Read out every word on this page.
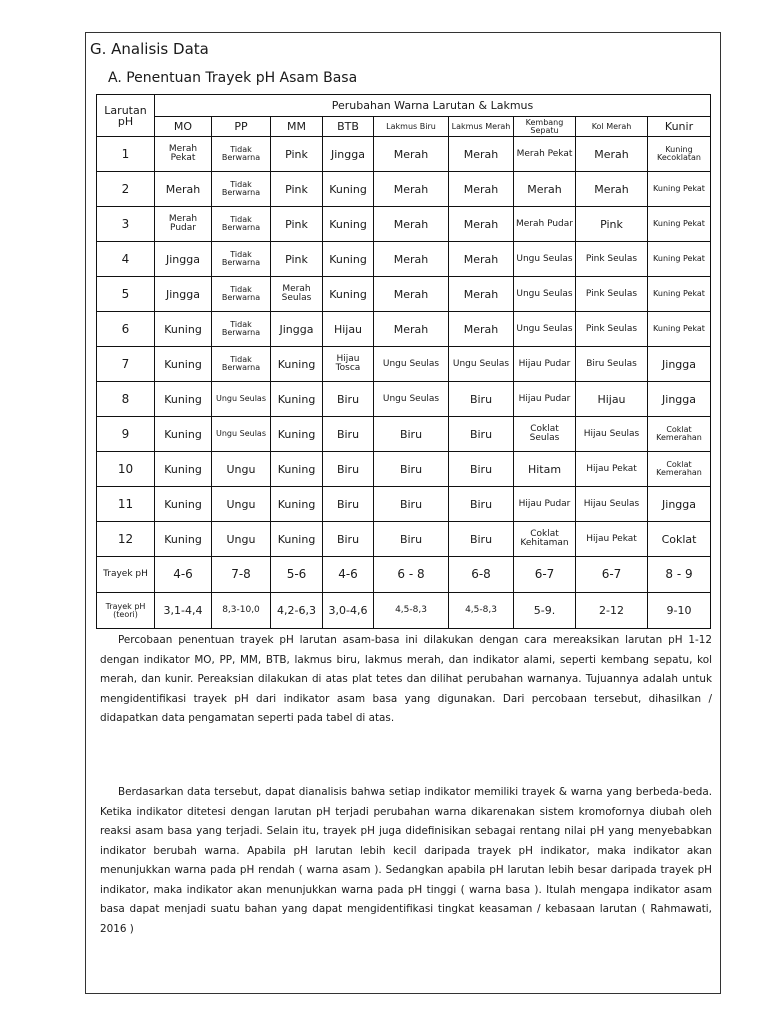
G. Analisis Data
A. Penentuan Trayek pH Asam Basa
Larutan pH	Perubahan Warna Larutan & Lakmus								
	MO	PP	MM	BTB	Lakmus Biru	Lakmus Merah	Kembang Sepatu	Kol Merah	Kunir
1	Merah Pekat	Tidak Berwarna	Pink	Jingga	Merah	Merah	Merah Pekat	Merah	Kuning Kecoklatan
2	Merah	Tidak Berwarna	Pink	Kuning	Merah	Merah	Merah	Merah	Kuning Pekat
3	Merah Pudar	Tidak Berwarna	Pink	Kuning	Merah	Merah	Merah Pudar	Pink	Kuning Pekat
4	Jingga	Tidak Berwarna	Pink	Kuning	Merah	Merah	Ungu Seulas	Pink Seulas	Kuning Pekat
5	Jingga	Tidak Berwarna	Merah Seulas	Kuning	Merah	Merah	Ungu Seulas	Pink Seulas	Kuning Pekat
6	Kuning	Tidak Berwarna	Jingga	Hijau	Merah	Merah	Ungu Seulas	Pink Seulas	Kuning Pekat
7	Kuning	Tidak Berwarna	Kuning	Hijau Tosca	Ungu Seulas	Ungu Seulas	Hijau Pudar	Biru Seulas	Jingga
8	Kuning	Ungu Seulas	Kuning	Biru	Ungu Seulas	Biru	Hijau Pudar	Hijau	Jingga
9	Kuning	Ungu Seulas	Kuning	Biru	Biru	Biru	Coklat Seulas	Hijau Seulas	Coklat Kemerahan
10	Kuning	Ungu	Kuning	Biru	Biru	Biru	Hitam	Hijau Pekat	Coklat Kemerahan
11	Kuning	Ungu	Kuning	Biru	Biru	Biru	Hijau Pudar	Hijau Seulas	Jingga
12	Kuning	Ungu	Kuning	Biru	Biru	Biru	Coklat Kehitaman	Hijau Pekat	Coklat
Trayek pH	4-6	7-8	5-6	4-6	6 - 8	6-8	6-7	6-7	8 - 9
Trayek pH (teori)	3,1-4,4	8,3-10,0	4,2-6,3	3,0-4,6	4,5-8,3	4,5-8,3	5-9.	2-12	9-10

Percobaan penentuan trayek pH larutan asam-basa ini dilakukan dengan cara mereaksikan larutan pH 1-12 dengan indikator MO, PP, MM, BTB, lakmus biru, lakmus merah, dan indikator alami, seperti kembang sepatu, kol merah, dan kunir. Pereaksian dilakukan di atas plat tetes dan dilihat perubahan warnanya. Tujuannya adalah untuk mengidentifikasi trayek pH dari indikator asam basa yang digunakan. Dari percobaan tersebut, dihasilkan / didapatkan data pengamatan seperti pada tabel di atas.

Berdasarkan data tersebut, dapat dianalisis bahwa setiap indikator memiliki trayek & warna yang berbeda-beda. Ketika indikator ditetesi dengan larutan pH terjadi perubahan warna dikarenakan sistem kromofornya diubah oleh reaksi asam basa yang terjadi. Selain itu, trayek pH juga didefinisikan sebagai rentang nilai pH yang menyebabkan indikator berubah warna. Apabila pH larutan lebih kecil daripada trayek pH indikator, maka indikator akan menunjukkan warna pada pH rendah ( warna asam ). Sedangkan apabila pH larutan lebih besar daripada trayek pH indikator, maka indikator akan menunjukkan warna pada pH tinggi ( warna basa ). Itulah mengapa indikator asam basa dapat menjadi suatu bahan yang dapat mengidentifikasi tingkat keasaman / kebasaan larutan ( Rahmawati, 2016 )
